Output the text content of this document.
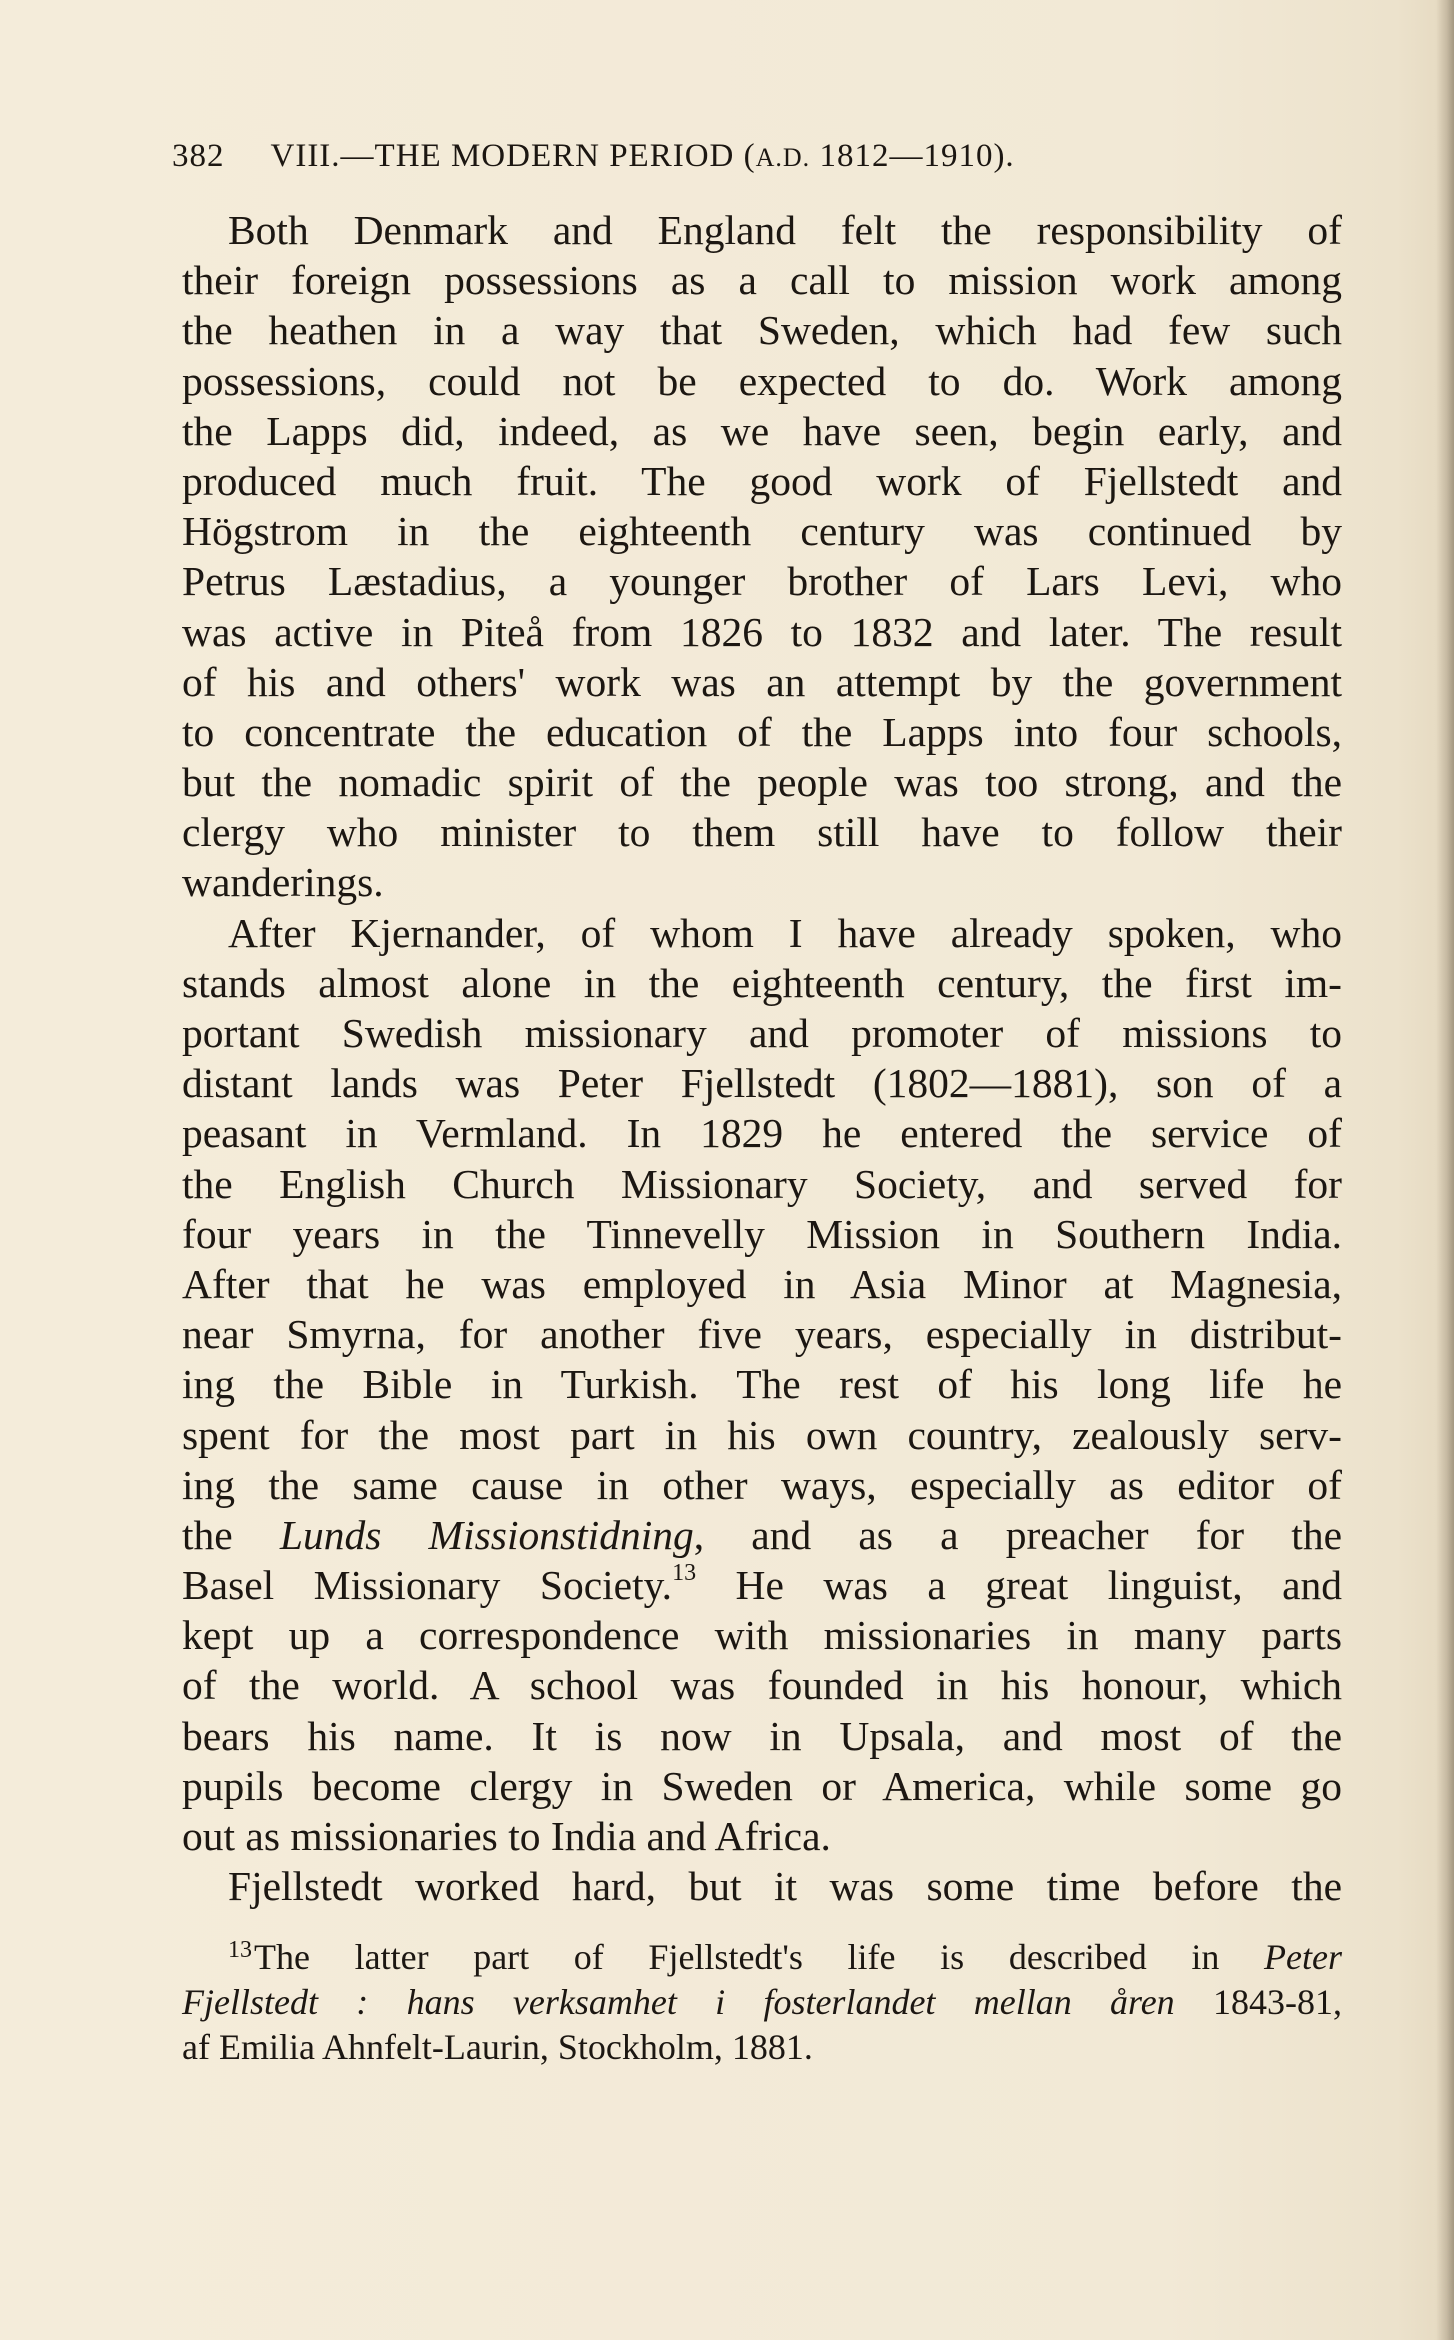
382 VIII.—THE MODERN PERIOD (A.D. 1812—1910).
Both Denmark and England felt the responsibility of
their foreign possessions as a call to mission work among
the heathen in a way that Sweden, which had few such
possessions, could not be expected to do. Work among
the Lapps did, indeed, as we have seen, begin early, and
produced much fruit. The good work of Fjellstedt and
Högstrom in the eighteenth century was continued by
Petrus Læstadius, a younger brother of Lars Levi, who
was active in Piteå from 1826 to 1832 and later. The result
of his and others' work was an attempt by the government
to concentrate the education of the Lapps into four schools,
but the nomadic spirit of the people was too strong, and the
clergy who minister to them still have to follow their
wanderings.
After Kjernander, of whom I have already spoken, who
stands almost alone in the eighteenth century, the first im-
portant Swedish missionary and promoter of missions to
distant lands was Peter Fjellstedt (1802—1881), son of a
peasant in Vermland. In 1829 he entered the service of
the English Church Missionary Society, and served for
four years in the Tinnevelly Mission in Southern India.
After that he was employed in Asia Minor at Magnesia,
near Smyrna, for another five years, especially in distribut-
ing the Bible in Turkish. The rest of his long life he
spent for the most part in his own country, zealously serv-
ing the same cause in other ways, especially as editor of
the Lunds Missionstidning, and as a preacher for the
Basel Missionary Society.$^{13}$ He was a great linguist, and
kept up a correspondence with missionaries in many parts
of the world. A school was founded in his honour, which
bears his name. It is now in Upsala, and most of the
pupils become clergy in Sweden or America, while some go
out as missionaries to India and Africa.
Fjellstedt worked hard, but it was some time before the
$^{13}$The latter part of Fjellstedt's life is described in Peter
Fjellstedt : hans verksamhet i fosterlandet mellan åren 1843-81,
af Emilia Ahnfelt-Laurin, Stockholm, 1881.
